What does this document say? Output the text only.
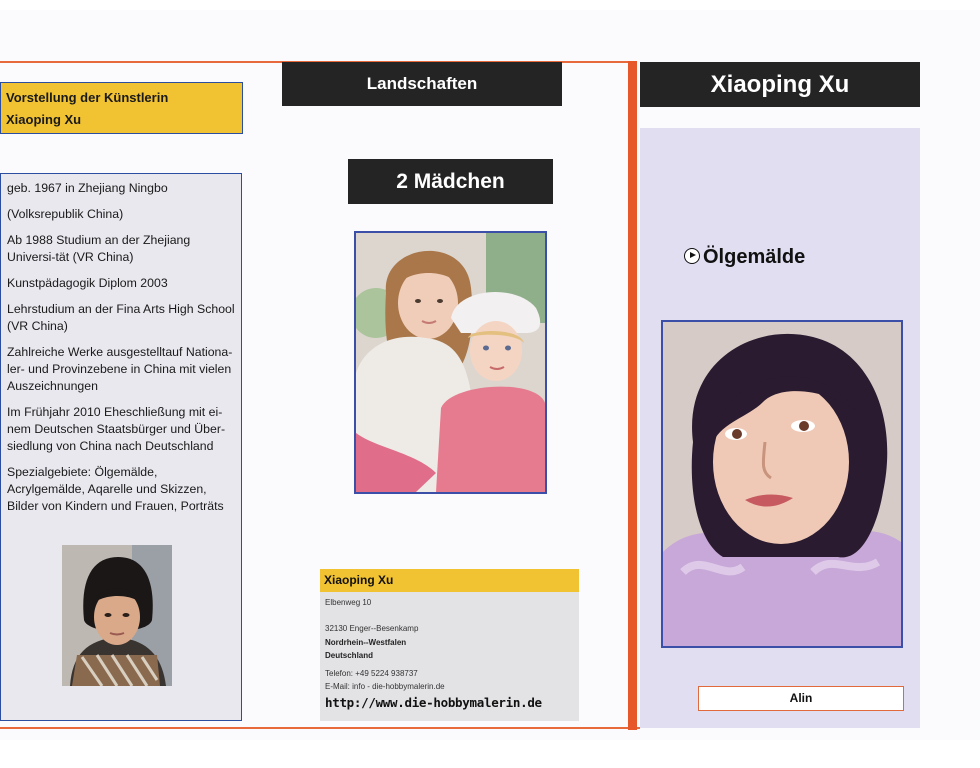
Vorstellung der Künstlerin
Xiaoping Xu
geb. 1967 in Zhejiang Ningbo
(Volksrepublik China)
Ab 1988 Studium an der Zhejiang Universi-tät (VR China)
Kunstpädagogik Diplom 2003
Lehrstudium an der Fina Arts High School (VR China)
Zahlreiche Werke ausgestelltauf Nationa-ler- und Provinzebene in China mit vielen Auszeichnungen
Im Frühjahr 2010 Eheschließung mit ei-nem Deutschen Staatsbürger und Über-siedlung von China nach Deutschland
Spezialgebiete: Ölgemälde, Acrylgemälde, Aqarelle und Skizzen, Bilder von Kindern und Frauen, Porträts
Landschaften
2 Mädchen
Xiaoping Xu
Elbenweg 10
32130 Enger--Besenkamp
Nordrhein--Westfalen
Deutschland
Telefon: +49 5224 938737
E-Mail: info - die-hobbymalerin.de
http://www.die-hobbymalerin.de
Xiaoping Xu
Ölgemälde
Alin
